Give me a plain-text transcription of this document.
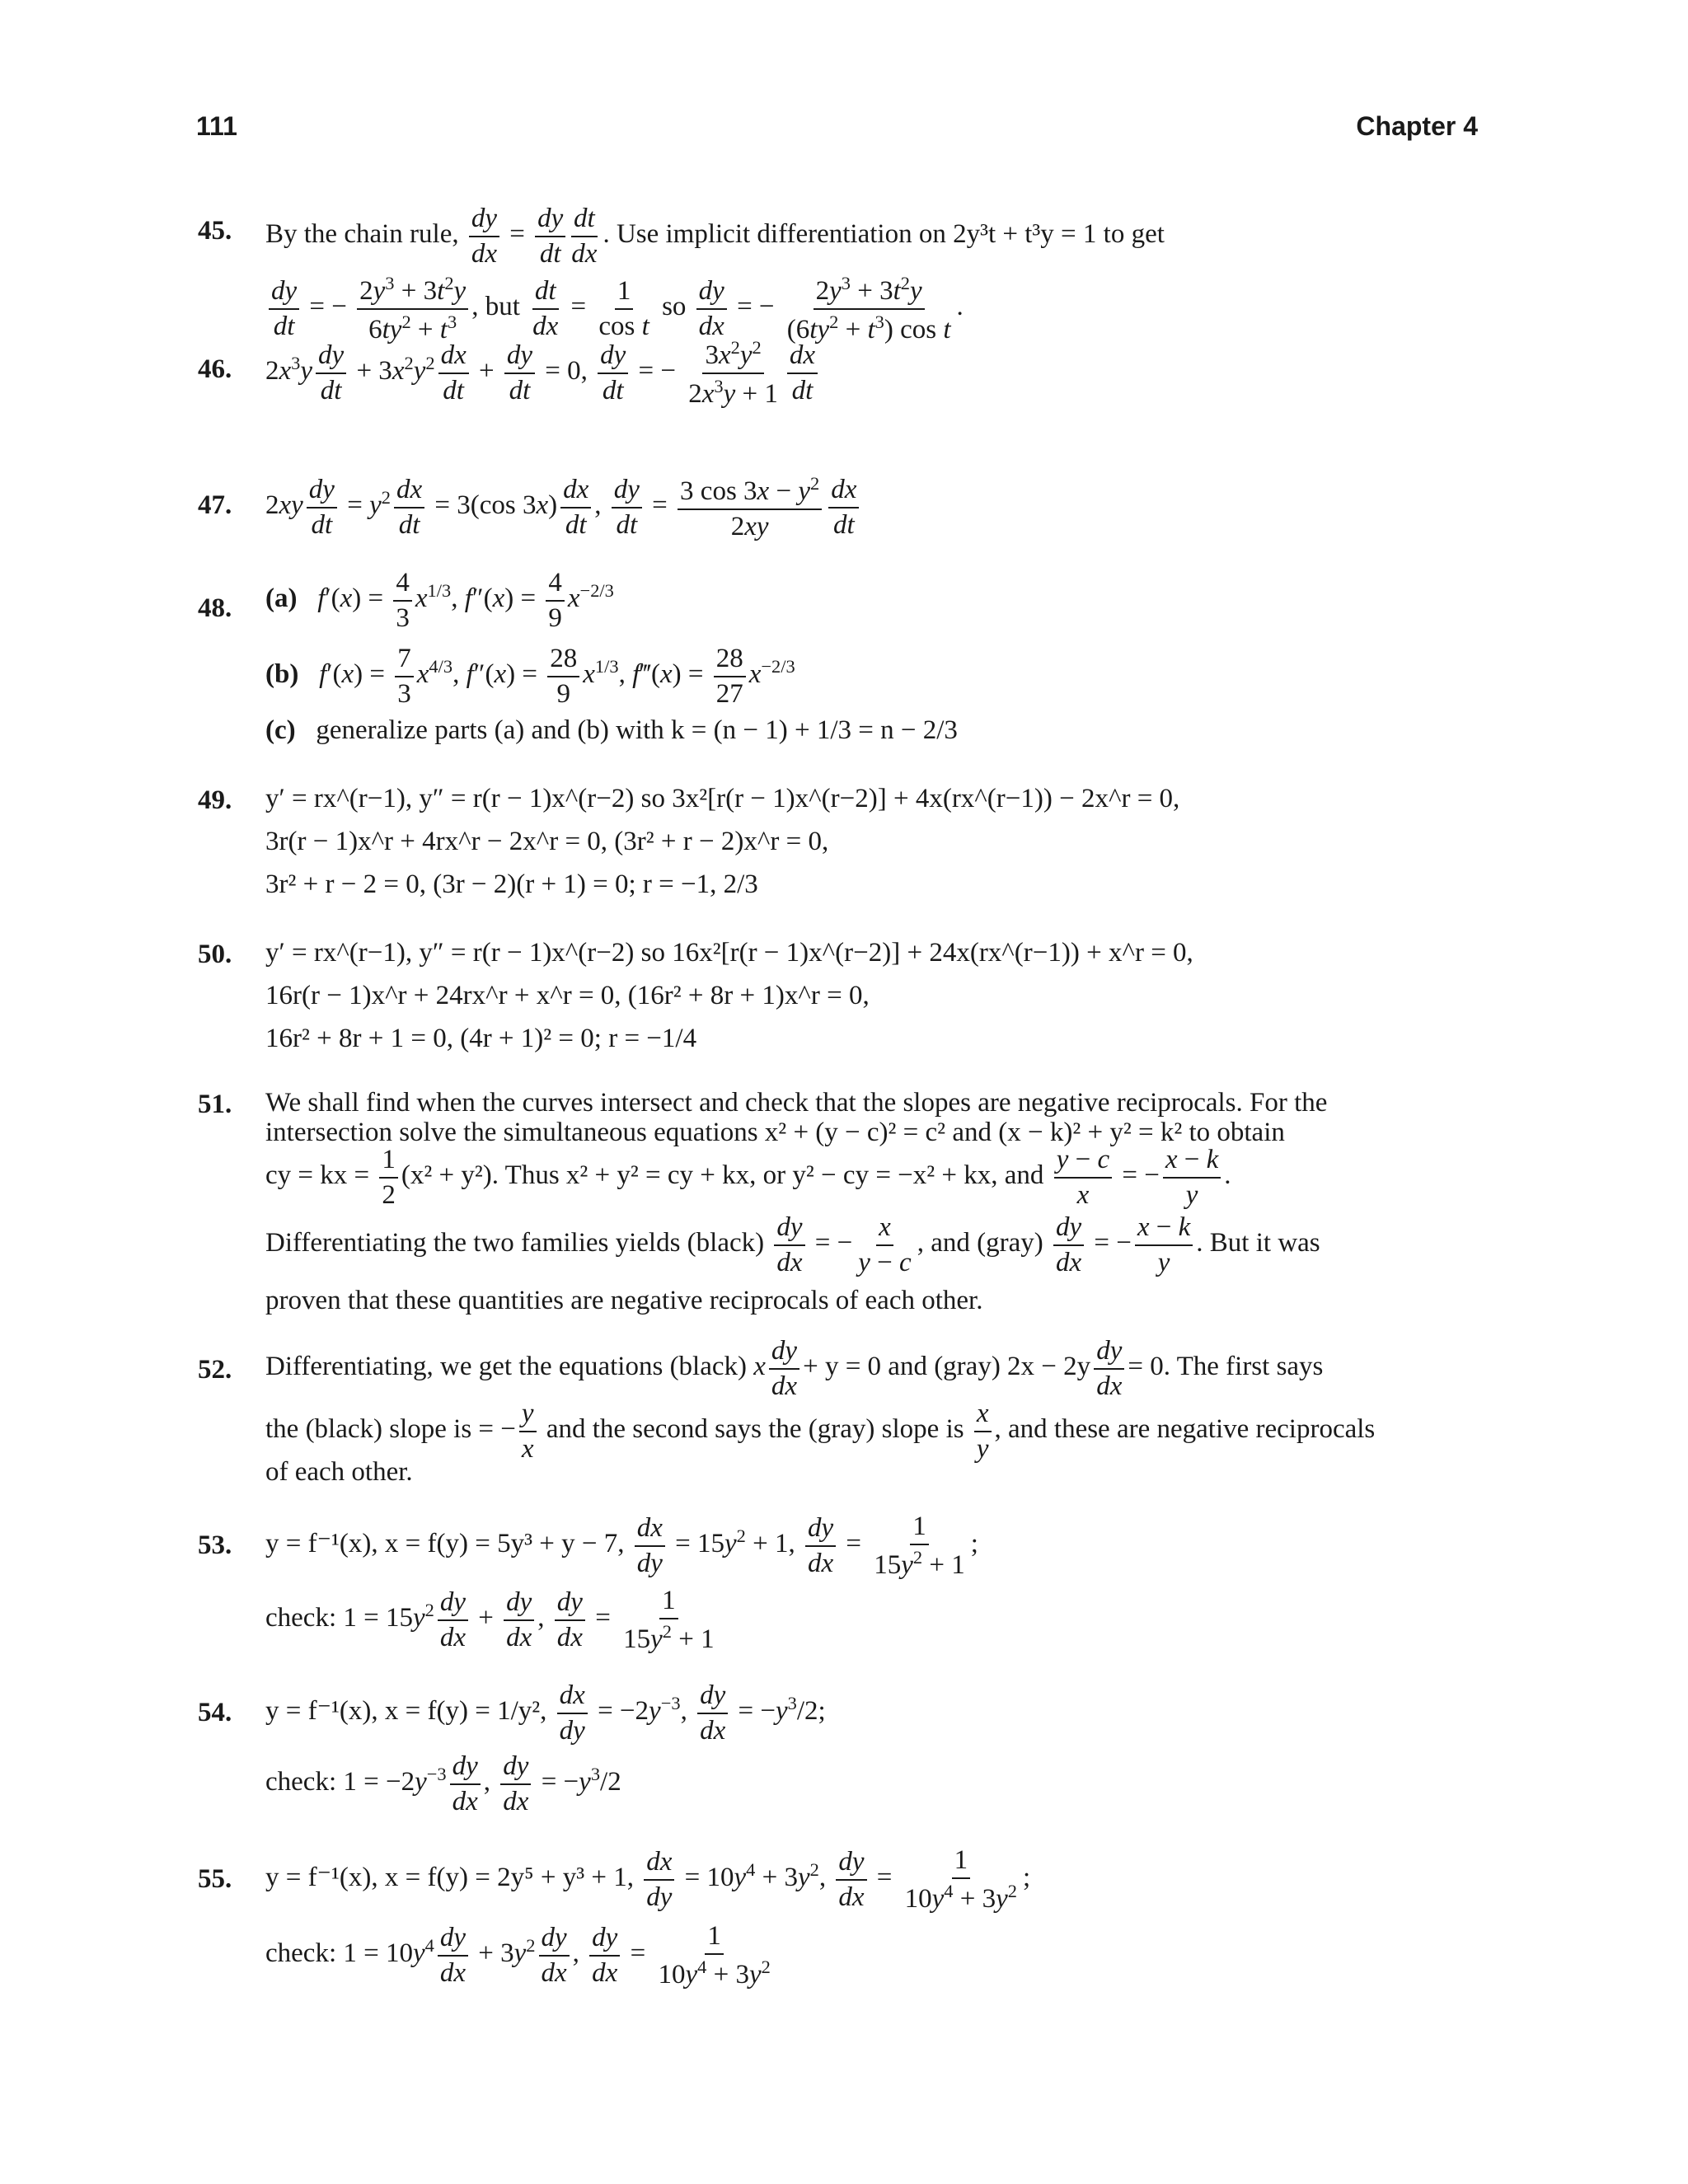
111	Chapter 4
45. By the chain rule, $\frac{dy}{dx} = \frac{dy}{dt} \frac{dt}{dx}$ . Use implicit differentiation on 2y³t + t³y = 1 to get
$\frac{dy}{dt}$ = − $\frac{2y^3 + 3t^2y}{6ty^2 + t^3}$ , but $\frac{dt}{dx} = \frac{1}{\text{cos t}}$ so $\frac{dy}{dx}$ = − $\frac{2y^3 + 3t^2y}{(6ty^2 + t^3) \cos t}$ .
46. $2x^3y \frac{dy}{dt} + 3x^2y^2 \frac{dx}{dt} + \frac{dy}{dt} = 0$, $\frac{dy}{dt}$ = − $\frac{3x^2y^2}{2x^3y + 1} \frac{dx}{dt}$
47. $2xy \frac{dy}{dt} = y^2 \frac{dx}{dt} = 3(\cos$ $3x) \frac{dx}{dt}$ , $\frac{dy}{dt} = \frac{3 \cos 3x - y^2}{2xy} \frac{dx}{dt}$
48. (a) $f'(x) = \frac{4}{3} x^{1/3}$, $f''(x) = \frac{4}{9} x^{-2/3}$
(b) $f'(x) = \frac{7}{3} x^{4/3}$, $f''(x) = \frac{28}{9} x^{1/3}$, f‴(x) = $\frac{28}{27} x^{-2/3}$
(c) generalize parts (a) and (b) with k = (n − 1) + 1/3 = n − 2/3
49. y′ = rx^(r−1), y″ = r(r − 1)x^(r−2) so 3x²[r(r − 1)x^(r−2)] + 4x(rx^(r−1)) − 2x^r = 0,
3r(r − 1)x^r + 4rx^r − 2x^r = 0, (3r² + r − 2)x^r = 0,
3r² + r − 2 = 0, (3r − 2)(r + 1) = 0; r = −1, 2/3
50. y′ = rx^(r−1), y″ = r(r − 1)x^(r−2) so 16x²[r(r − 1)x^(r−2)] + 24x(rx^(r−1)) + x^r = 0,
16r(r − 1)x^r + 24rx^r + x^r = 0, (16r² + 8r + 1)x^r = 0,
16r² + 8r + 1 = 0, (4r + 1)² = 0; r = −1/4
51. We shall find when the curves intersect and check that the slopes are negative reciprocals. For the
intersection solve the simultaneous equations x² + (y − c)² = c² and (x − k)² + y² = k² to obtain
cy = kx = $\frac{1}{2} (x^2 + y^2)$. Thus x² + y² = cy + kx, or y² − cy = −x² + kx, and $\frac{y - c}{x}$ = − $\frac{x - k}{y}$ .
Differentiating the two families yields (black) $\frac{dy}{dx}$ = − $\frac{x}{y - c}$ , and (gray) $\frac{dy}{dx}$ = − $\frac{x - k}{y}$ . But it was
proven that these quantities are negative reciprocals of each other.
52. Differentiating, we get the equations (black) x $\frac{dy}{dx} + y = 0$ and (gray) $2x - 2y \frac{dy}{dx} = 0$. The first says
the (black) slope is = − $\frac{y}{x}$ and the second says the (gray) slope is $\frac{x}{y}$ , and these are negative reciprocals
of each other.
53. y = f⁻¹(x), x = f(y) = 5y³ + y − 7, $\frac{dx}{dy} = 15y^2 + 1$, $\frac{dy}{dx} = \frac{1}{15y^2 + 1}$ ;
check: $1 = 15y^2 \frac{dy}{dx} + \frac{dy}{dx}$ , $\frac{dy}{dx} = \frac{1}{15y^2 + 1}$
54. y = f⁻¹(x), x = f(y) = 1/y², $\frac{dx}{dy} = -2y^{-3}$, $\frac{dy}{dx} = -y^3/2$;
check: $1 = -2y^{-3} \frac{dy}{dx}$ , $\frac{dy}{dx} = -y^3/2$
55. y = f⁻¹(x), x = f(y) = 2y⁵ + y³ + 1, $\frac{dx}{dy} = 10y^4 + 3y^2$, $\frac{dy}{dx} = \frac{1}{10y^4 + 3y^2}$ ;
check: $1 = 10y^4 \frac{dy}{dx} + 3y^2 \frac{dy}{dx}$ , $\frac{dy}{dx} = \frac{1}{10y^4 + 3y^2}$
